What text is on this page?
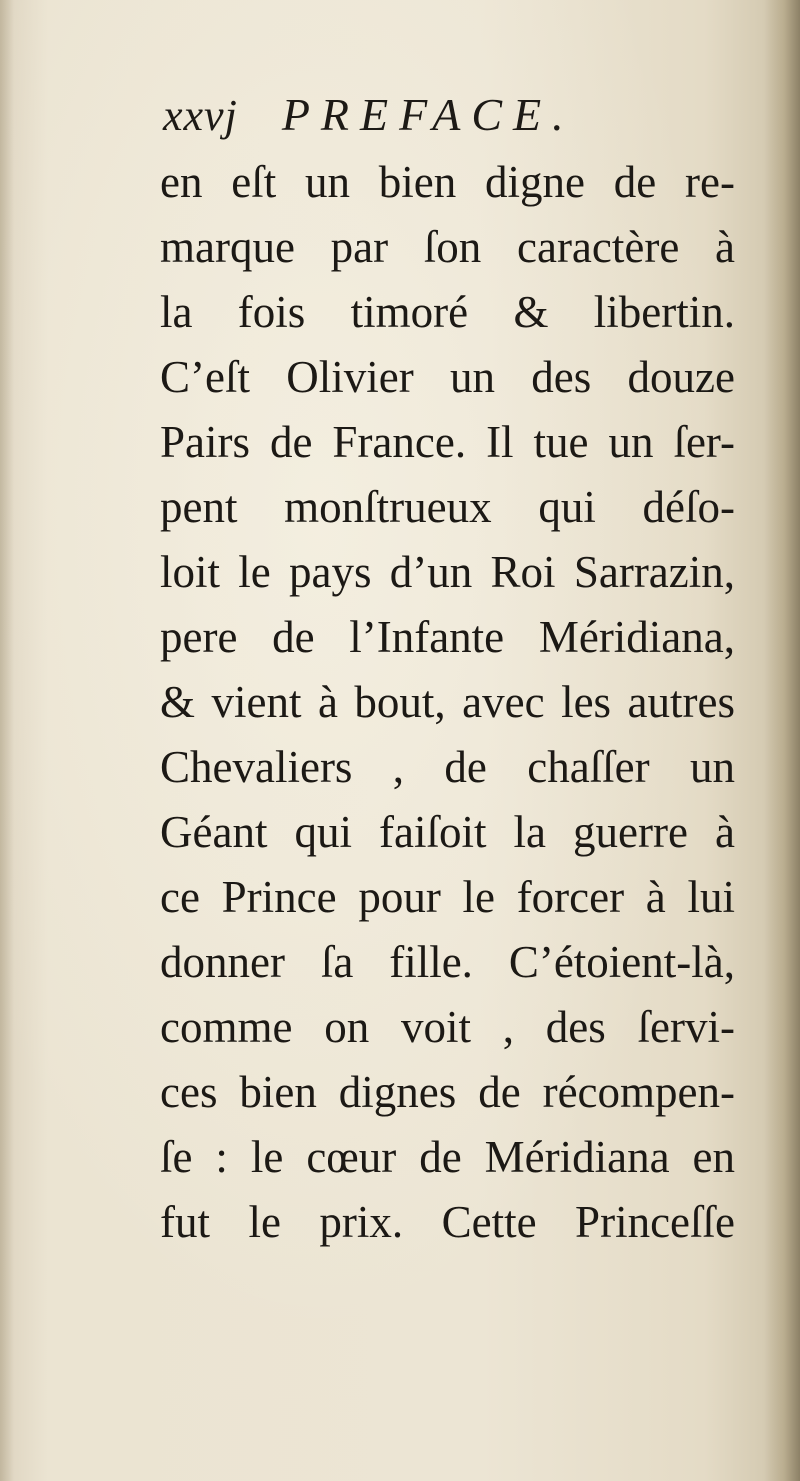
xxvj PREFACE.
en eſt un bien digne de re-
marque par ſon caractère à
la fois timoré & libertin.
C’eſt Olivier un des douze
Pairs de France. Il tue un ſer-
pent monſtrueux qui déſo-
loit le pays d’un Roi Sarrazin,
pere de l’Infante Méridiana,
& vient à bout, avec les autres
Chevaliers , de chaſſer un
Géant qui faiſoit la guerre à
ce Prince pour le forcer à lui
donner ſa fille. C’étoient-là,
comme on voit , des ſervi-
ces bien dignes de récompen-
ſe : le cœur de Méridiana en
fut le prix. Cette Princeſſe
